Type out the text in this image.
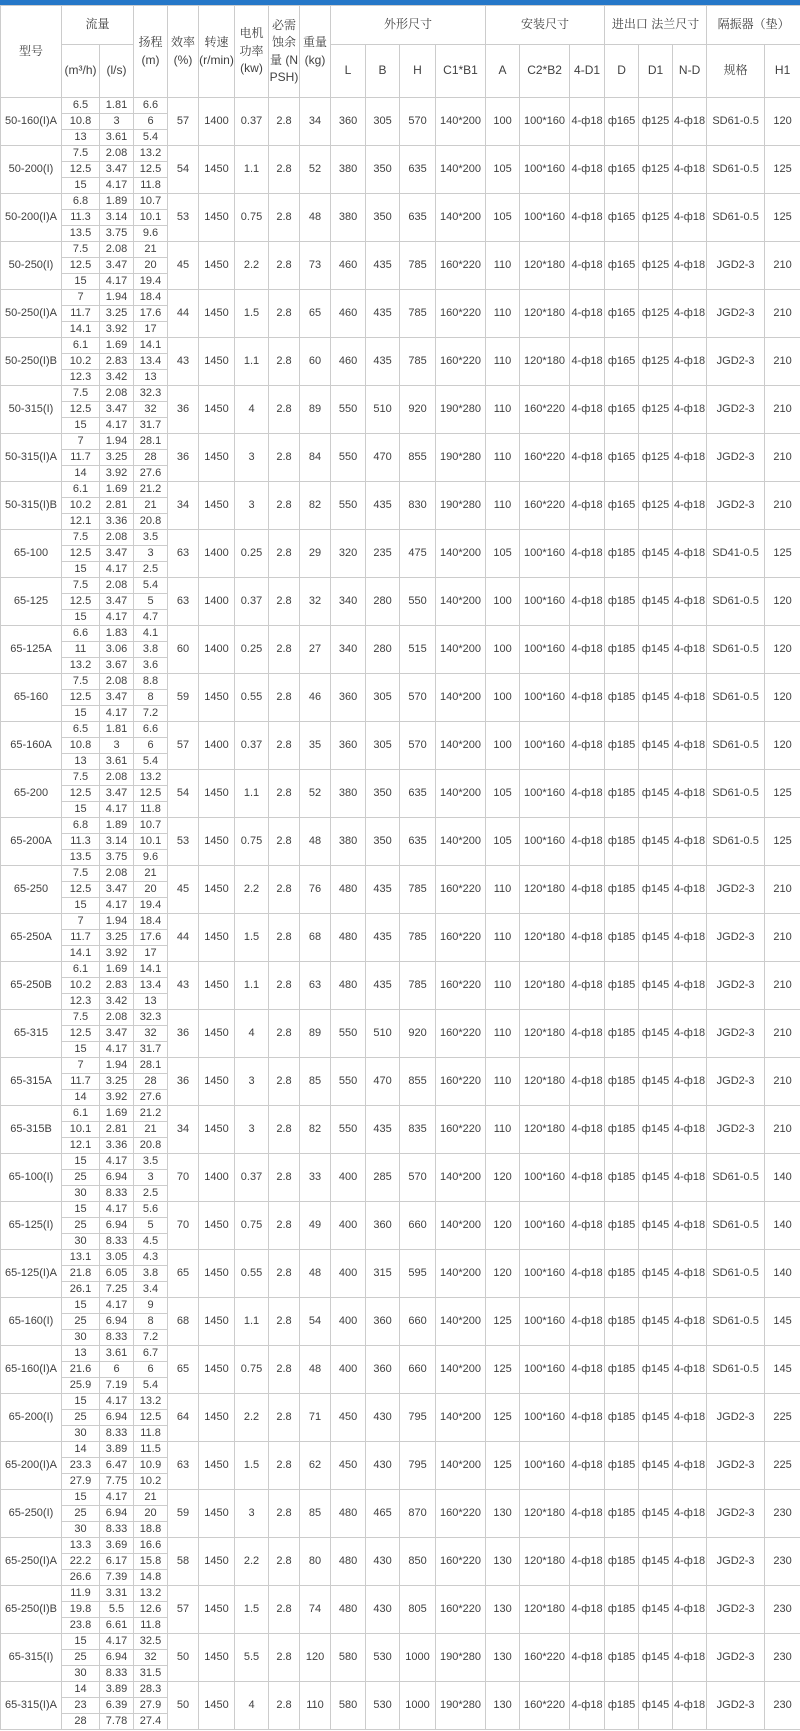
型号	流量		扬程 (m)	效率 (%)	转速 (r/min)	电机功率 (kw)	必需蚀余量 (NPSH)	重量 (kg)	外形尺寸				安装尺寸			进出口 法兰尺寸			隔振器（垫）	
	(m³/h)	(l/s)							L	B	H	C1*B1	A	C2*B2	4-D1	D	D1	N-D	规格	H1
50-160(I)A	6.5	1.81	6.6	57	1400	0.37	2.8	34	360	305	570	140*200	100	100*160	4-ф18	ф165	ф125	4-ф18	SD61-0.5	120
	10.8	3	6																	
	13	3.61	5.4																	
50-200(I)	7.5	2.08	13.2	54	1450	1.1	2.8	52	380	350	635	140*200	105	100*160	4-ф18	ф165	ф125	4-ф18	SD61-0.5	125
	12.5	3.47	12.5																	
	15	4.17	11.8																	
50-200(I)A	6.8	1.89	10.7	53	1450	0.75	2.8	48	380	350	635	140*200	105	100*160	4-ф18	ф165	ф125	4-ф18	SD61-0.5	125
	11.3	3.14	10.1																	
	13.5	3.75	9.6																	
50-250(I)	7.5	2.08	21	45	1450	2.2	2.8	73	460	435	785	160*220	110	120*180	4-ф18	ф165	ф125	4-ф18	JGD2-3	210
	12.5	3.47	20																	
	15	4.17	19.4																	
50-250(I)A	7	1.94	18.4	44	1450	1.5	2.8	65	460	435	785	160*220	110	120*180	4-ф18	ф165	ф125	4-ф18	JGD2-3	210
	11.7	3.25	17.6																	
	14.1	3.92	17																	
50-250(I)B	6.1	1.69	14.1	43	1450	1.1	2.8	60	460	435	785	160*220	110	120*180	4-ф18	ф165	ф125	4-ф18	JGD2-3	210
	10.2	2.83	13.4																	
	12.3	3.42	13																	
50-315(I)	7.5	2.08	32.3	36	1450	4	2.8	89	550	510	920	190*280	110	160*220	4-ф18	ф165	ф125	4-ф18	JGD2-3	210
	12.5	3.47	32																	
	15	4.17	31.7																	
50-315(I)A	7	1.94	28.1	36	1450	3	2.8	84	550	470	855	190*280	110	160*220	4-ф18	ф165	ф125	4-ф18	JGD2-3	210
	11.7	3.25	28																	
	14	3.92	27.6																	
50-315(I)B	6.1	1.69	21.2	34	1450	3	2.8	82	550	435	830	190*280	110	160*220	4-ф18	ф165	ф125	4-ф18	JGD2-3	210
	10.2	2.81	21																	
	12.1	3.36	20.8																	
65-100	7.5	2.08	3.5	63	1400	0.25	2.8	29	320	235	475	140*200	105	100*160	4-ф18	ф185	ф145	4-ф18	SD41-0.5	125
	12.5	3.47	3																	
	15	4.17	2.5																	
65-125	7.5	2.08	5.4	63	1400	0.37	2.8	32	340	280	550	140*200	100	100*160	4-ф18	ф185	ф145	4-ф18	SD61-0.5	120
	12.5	3.47	5																	
	15	4.17	4.7																	
65-125A	6.6	1.83	4.1	60	1400	0.25	2.8	27	340	280	515	140*200	100	100*160	4-ф18	ф185	ф145	4-ф18	SD61-0.5	120
	11	3.06	3.8																	
	13.2	3.67	3.6																	
65-160	7.5	2.08	8.8	59	1450	0.55	2.8	46	360	305	570	140*200	100	100*160	4-ф18	ф185	ф145	4-ф18	SD61-0.5	120
	12.5	3.47	8																	
	15	4.17	7.2																	
65-160A	6.5	1.81	6.6	57	1400	0.37	2.8	35	360	305	570	140*200	100	100*160	4-ф18	ф185	ф145	4-ф18	SD61-0.5	120
	10.8	3	6																	
	13	3.61	5.4																	
65-200	7.5	2.08	13.2	54	1450	1.1	2.8	52	380	350	635	140*200	105	100*160	4-ф18	ф185	ф145	4-ф18	SD61-0.5	125
	12.5	3.47	12.5																	
	15	4.17	11.8																	
65-200A	6.8	1.89	10.7	53	1450	0.75	2.8	48	380	350	635	140*200	105	100*160	4-ф18	ф185	ф145	4-ф18	SD61-0.5	125
	11.3	3.14	10.1																	
	13.5	3.75	9.6																	
65-250	7.5	2.08	21	45	1450	2.2	2.8	76	480	435	785	160*220	110	120*180	4-ф18	ф185	ф145	4-ф18	JGD2-3	210
	12.5	3.47	20																	
	15	4.17	19.4																	
65-250A	7	1.94	18.4	44	1450	1.5	2.8	68	480	435	785	160*220	110	120*180	4-ф18	ф185	ф145	4-ф18	JGD2-3	210
	11.7	3.25	17.6																	
	14.1	3.92	17																	
65-250B	6.1	1.69	14.1	43	1450	1.1	2.8	63	480	435	785	160*220	110	120*180	4-ф18	ф185	ф145	4-ф18	JGD2-3	210
	10.2	2.83	13.4																	
	12.3	3.42	13																	
65-315	7.5	2.08	32.3	36	1450	4	2.8	89	550	510	920	160*220	110	120*180	4-ф18	ф185	ф145	4-ф18	JGD2-3	210
	12.5	3.47	32																	
	15	4.17	31.7																	
65-315A	7	1.94	28.1	36	1450	3	2.8	85	550	470	855	160*220	110	120*180	4-ф18	ф185	ф145	4-ф18	JGD2-3	210
	11.7	3.25	28																	
	14	3.92	27.6																	
65-315B	6.1	1.69	21.2	34	1450	3	2.8	82	550	435	835	160*220	110	120*180	4-ф18	ф185	ф145	4-ф18	JGD2-3	210
	10.1	2.81	21																	
	12.1	3.36	20.8																	
65-100(I)	15	4.17	3.5	70	1400	0.37	2.8	33	400	285	570	140*200	120	100*160	4-ф18	ф185	ф145	4-ф18	SD61-0.5	140
	25	6.94	3																	
	30	8.33	2.5																	
65-125(I)	15	4.17	5.6	70	1450	0.75	2.8	49	400	360	660	140*200	120	100*160	4-ф18	ф185	ф145	4-ф18	SD61-0.5	140
	25	6.94	5																	
	30	8.33	4.5																	
65-125(I)A	13.1	3.05	4.3	65	1450	0.55	2.8	48	400	315	595	140*200	120	100*160	4-ф18	ф185	ф145	4-ф18	SD61-0.5	140
	21.8	6.05	3.8																	
	26.1	7.25	3.4																	
65-160(I)	15	4.17	9	68	1450	1.1	2.8	54	400	360	660	140*200	125	100*160	4-ф18	ф185	ф145	4-ф18	SD61-0.5	145
	25	6.94	8																	
	30	8.33	7.2																	
65-160(I)A	13	3.61	6.7	65	1450	0.75	2.8	48	400	360	660	140*200	125	100*160	4-ф18	ф185	ф145	4-ф18	SD61-0.5	145
	21.6	6	6																	
	25.9	7.19	5.4																	
65-200(I)	15	4.17	13.2	64	1450	2.2	2.8	71	450	430	795	140*200	125	100*160	4-ф18	ф185	ф145	4-ф18	JGD2-3	225
	25	6.94	12.5																	
	30	8.33	11.8																	
65-200(I)A	14	3.89	11.5	63	1450	1.5	2.8	62	450	430	795	140*200	125	100*160	4-ф18	ф185	ф145	4-ф18	JGD2-3	225
	23.3	6.47	10.9																	
	27.9	7.75	10.2																	
65-250(I)	15	4.17	21	59	1450	3	2.8	85	480	465	870	160*220	130	120*180	4-ф18	ф185	ф145	4-ф18	JGD2-3	230
	25	6.94	20																	
	30	8.33	18.8																	
65-250(I)A	13.3	3.69	16.6	58	1450	2.2	2.8	80	480	430	850	160*220	130	120*180	4-ф18	ф185	ф145	4-ф18	JGD2-3	230
	22.2	6.17	15.8																	
	26.6	7.39	14.8																	
65-250(I)B	11.9	3.31	13.2	57	1450	1.5	2.8	74	480	430	805	160*220	130	120*180	4-ф18	ф185	ф145	4-ф18	JGD2-3	230
	19.8	5.5	12.6																	
	23.8	6.61	11.8																	
65-315(I)	15	4.17	32.5	50	1450	5.5	2.8	120	580	530	1000	190*280	130	160*220	4-ф18	ф185	ф145	4-ф18	JGD2-3	230
	25	6.94	32																	
	30	8.33	31.5																	
65-315(I)A	14	3.89	28.3	50	1450	4	2.8	110	580	530	1000	190*280	130	160*220	4-ф18	ф185	ф145	4-ф18	JGD2-3	230
	23	6.39	27.9																	
	28	7.78	27.4																	
